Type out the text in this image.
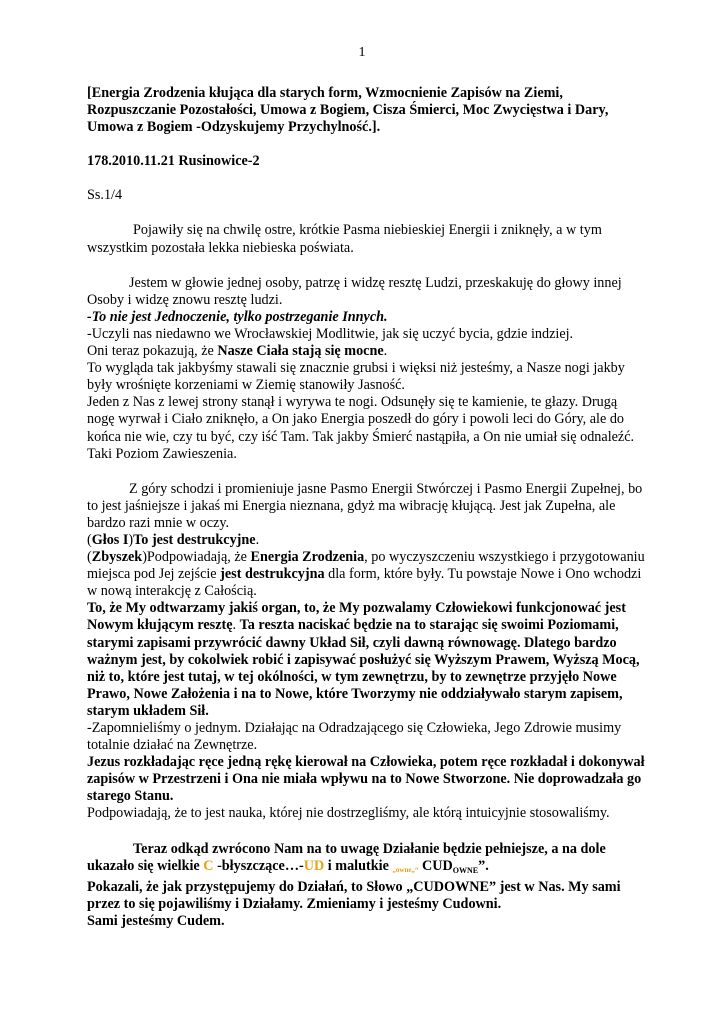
1

[Energia Zrodzenia kłująca dla starych form, Wzmocnienie Zapisów na Ziemi, Rozpuszczanie Pozostałości, Umowa z Bogiem, Cisza Śmierci, Moc Zwycięstwa i Dary, Umowa z Bogiem -Odzyskujemy Przychylność.].

178.2010.11.21 Rusinowice-2

Ss.1/4

Pojawiły się na chwilę ostre, krótkie Pasma niebieskiej Energii i zniknęły, a w tym wszystkim pozostała lekka niebieska poświata.

Jestem w głowie jednej osoby, patrzę i widzę resztę Ludzi, przeskakuję do głowy innej Osoby i widzę znowu resztę ludzi.

-To nie jest Jednoczenie, tylko postrzeganie Innych.

-Uczyli nas niedawno we Wrocławskiej Modlitwie, jak się uczyć bycia, gdzie indziej.

Oni teraz pokazują, że Nasze Ciała stają się mocne.

To wygląda tak jakbyśmy stawali się znacznie grubsi i więksi niż jesteśmy, a Nasze nogi jakby były wrośnięte korzeniami w Ziemię stanowiły Jasność.

Jeden z Nas z lewej strony stanął i wyrywa te nogi. Odsunęły się te kamienie, te głazy. Drugą nogę wyrwał i Ciało zniknęło, a On jako Energia poszedł do góry i powoli leci do Góry, ale do końca nie wie, czy tu być, czy iść Tam. Tak jakby Śmierć nastąpiła, a On nie umiał się odnaleźć. Taki Poziom Zawieszenia.

Z góry schodzi i promieniuje jasne Pasmo Energii Stwórczej i Pasmo Energii Zupełnej, bo to jest jaśniejsze i jakaś mi Energia nieznana, gdyż ma wibrację kłującą. Jest jak Zupełna, ale bardzo razi mnie w oczy.

(Głos I)To jest destrukcyjne.

(Zbyszek)Podpowiadają, że Energia Zrodzenia, po wyczyszczeniu wszystkiego i przygotowaniu miejsca pod Jej zejście jest destrukcyjna dla form, które były. Tu powstaje Nowe i Ono wchodzi w nową interakcję z Całością.

To, że My odtwarzamy jakiś organ, to, że My pozwalamy Człowiekowi funkcjonować jest Nowym kłującym resztę. Ta reszta naciskać będzie na to starając się swoimi Poziomami, starymi zapisami przywrócić dawny Układ Sił, czyli dawną równowagę. Dlatego bardzo ważnym jest, by cokolwiek robić i zapisywać posłużyć się Wyższym Prawem, Wyższą Mocą, niż to, które jest tutaj, w tej okólności, w tym zewnętrzu, by to zewnętrze przyjęło Nowe Prawo, Nowe Założenia i na to Nowe, które Tworzymy nie oddziaływało starym zapisem, starym układem Sił.

-Zapomnieliśmy o jednym. Działając na Odradzającego się Człowieka, Jego Zdrowie musimy totalnie działać na Zewnętrze.

Jezus rozkładając ręce jedną rękę kierował na Człowieka, potem ręce rozkładał i dokonywał zapisów w Przestrzeni i Ona nie miała wpływu na to Nowe Stworzone. Nie doprowadzała go starego Stanu.

Podpowiadają, że to jest nauka, której nie dostrzegliśmy, ale którą intuicyjnie stosowaliśmy.

Teraz odkąd zwrócono Nam na to uwagę Działanie będzie pełniejsze, a na dole ukazało się wielkie C -błyszczące…-UD i malutkie „owne„“ $CUD_{OWNE}$”.

Pokazali, że jak przystępujemy do Działań, to Słowo „CUDOWNE” jest w Nas. My sami przez to się pojawiliśmy i Działamy. Zmieniamy i jesteśmy Cudowni.

Sami jesteśmy Cudem.
